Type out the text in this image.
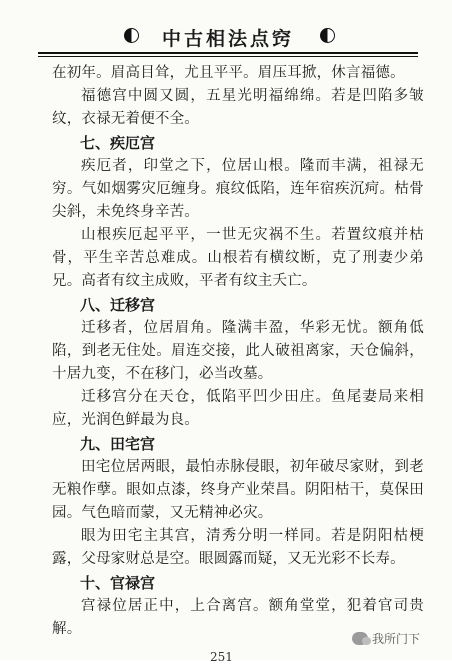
中古相法点窍

在初年。眉高目耸，尤且平平。眉压耳掀，休言福德。

福德宫中圆又圆，五星光明福绵绵。若是凹陷多皱纹，衣禄无着便不全。

七、疾厄宫

疾厄者，印堂之下，位居山根。隆而丰满，祖禄无穷。气如烟雾灾厄缠身。痕纹低陷，连年宿疾沉疴。枯骨尖斜，未免终身辛苦。

山根疾厄起平平，一世无灾祸不生。若置纹痕并枯骨，平生辛苦总难成。山根若有横纹断，克了刑妻少弟兄。高者有纹主成败，平者有纹主夭亡。

八、迁移宫

迁移者，位居眉角。隆满丰盈，华彩无忧。额角低陷，到老无住处。眉连交接，此人破祖离家，天仓偏斜，十居九变，不在移门，必当改墓。

迁移宫分在天仓，低陷平凹少田庄。鱼尾妻局来相应，光润色鲜最为良。

九、田宅宫

田宅位居两眼，最怕赤脉侵眼，初年破尽家财，到老无粮作孽。眼如点漆，终身产业荣昌。阴阳枯干，莫保田园。气色暗而蒙，又无精神必灾。

眼为田宅主其宫，清秀分明一样同。若是阴阳枯梗露，父母家财总是空。眼圆露而疑，又无光彩不长寿。

十、官禄宫

宫禄位居正中，上合离宫。额角堂堂，犯着官司贵解。

我所门下
251
